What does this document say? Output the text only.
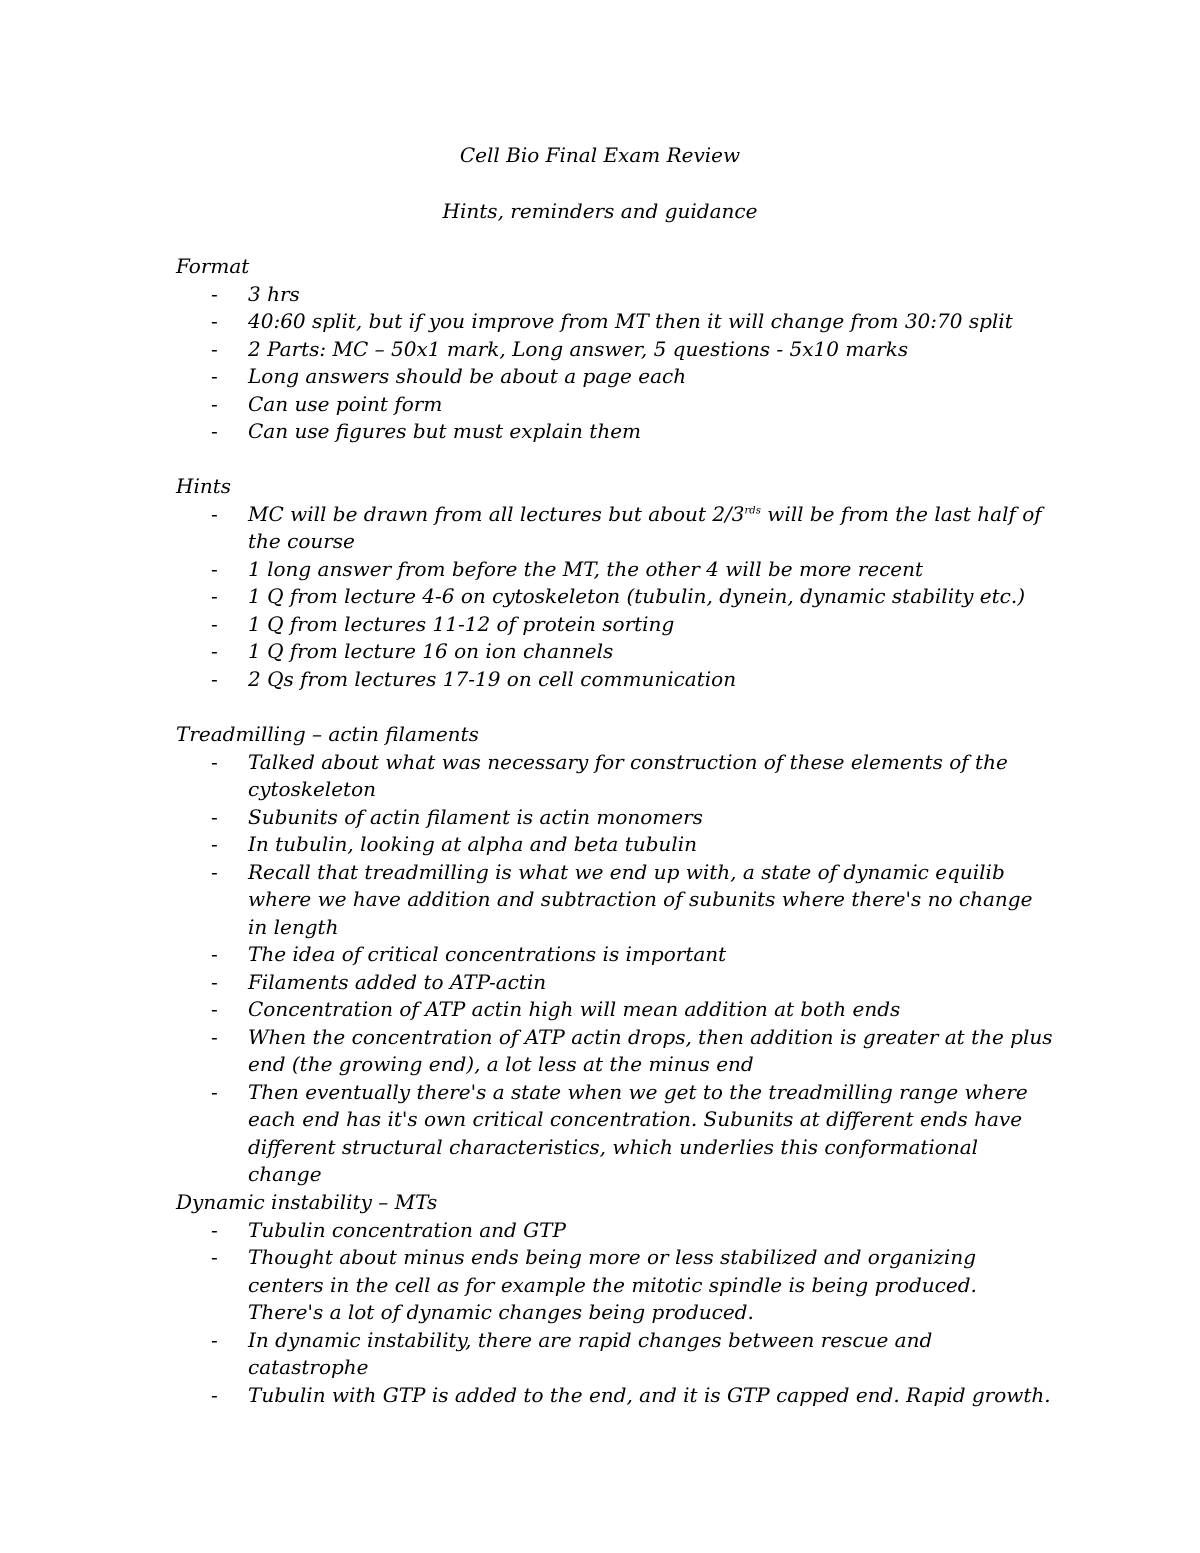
Cell Bio Final Exam Review

Hints, reminders and guidance

Format

- 3 hrs
- 40:60 split, but if you improve from MT then it will change from 30:70 split
- 2 Parts: MC – 50x1 mark, Long answer, 5 questions - 5x10 marks
- Long answers should be about a page each
- Can use point form
- Can use figures but must explain them

Hints

- MC will be drawn from all lectures but about $2/3^{rds}$ will be from the last half of the course
- 1 long answer from before the MT, the other 4 will be more recent
- 1 Q from lecture 4-6 on cytoskeleton (tubulin, dynein, dynamic stability etc.)
- 1 Q from lectures 11-12 of protein sorting
- 1 Q from lecture 16 on ion channels
- 2 Qs from lectures 17-19 on cell communication

Treadmilling – actin filaments

- Talked about what was necessary for construction of these elements of the cytoskeleton
- Subunits of actin filament is actin monomers
- In tubulin, looking at alpha and beta tubulin
- Recall that treadmilling is what we end up with, a state of dynamic equilib where we have addition and subtraction of subunits where there's no change in length
- The idea of critical concentrations is important
- Filaments added to ATP-actin
- Concentration of ATP actin high will mean addition at both ends
- When the concentration of ATP actin drops, then addition is greater at the plus end (the growing end), a lot less at the minus end
- Then eventually there's a state when we get to the treadmilling range where each end has it's own critical concentration. Subunits at different ends have different structural characteristics, which underlies this conformational change

Dynamic instability – MTs

- Tubulin concentration and GTP
- Thought about minus ends being more or less stabilized and organizing centers in the cell as for example the mitotic spindle is being produced. There's a lot of dynamic changes being produced.
- In dynamic instability, there are rapid changes between rescue and catastrophe
- Tubulin with GTP is added to the end, and it is GTP capped end. Rapid growth.
